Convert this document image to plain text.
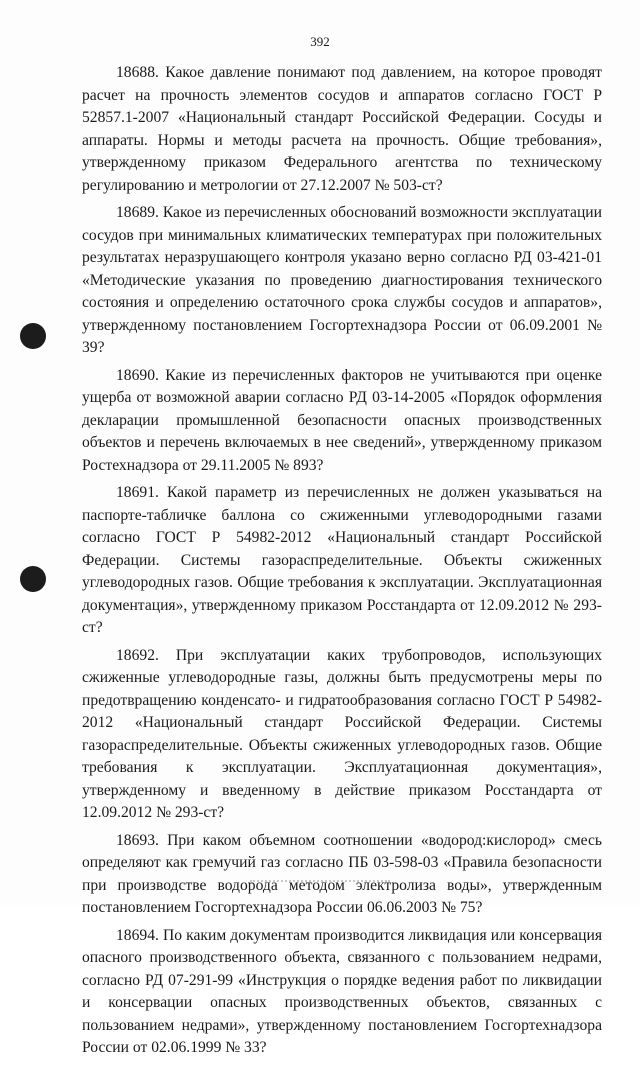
392

18688. Какое давление понимают под давлением, на которое проводят расчет на прочность элементов сосудов и аппаратов согласно ГОСТ Р 52857.1-2007 «Национальный стандарт Российской Федерации. Сосуды и аппараты. Нормы и методы расчета на прочность. Общие требования», утвержденному приказом Федерального агентства по техническому регулированию и метрологии от 27.12.2007 № 503-ст?

18689. Какое из перечисленных обоснований возможности эксплуатации сосудов при минимальных климатических температурах при положительных результатах неразрушающего контроля указано верно согласно РД 03-421-01 «Методические указания по проведению диагностирования технического состояния и определению остаточного срока службы сосудов и аппаратов», утвержденному постановлением Госгортехнадзора России от 06.09.2001 № 39?

18690. Какие из перечисленных факторов не учитываются при оценке ущерба от возможной аварии согласно РД 03-14-2005 «Порядок оформления декларации промышленной безопасности опасных производственных объектов и перечень включаемых в нее сведений», утвержденному приказом Ростехнадзора от 29.11.2005 № 893?

18691. Какой параметр из перечисленных не должен указываться на паспорте-табличке баллона со сжиженными углеводородными газами согласно ГОСТ Р 54982-2012 «Национальный стандарт Российской Федерации. Системы газораспределительные. Объекты сжиженных углеводородных газов. Общие требования к эксплуатации. Эксплуатационная документация», утвержденному приказом Росстандарта от 12.09.2012 № 293-ст?

18692. При эксплуатации каких трубопроводов, использующих сжиженные углеводородные газы, должны быть предусмотрены меры по предотвращению конденсато- и гидратообразования согласно ГОСТ Р 54982-2012 «Национальный стандарт Российской Федерации. Системы газораспределительные. Объекты сжиженных углеводородных газов. Общие требования к эксплуатации. Эксплуатационная документация», утвержденному и введенному в действие приказом Росстандарта от 12.09.2012 № 293-ст?

18693. При каком объемном соотношении «водород:кислород» смесь определяют как гремучий газ согласно ПБ 03-598-03 «Правила безопасности при производстве водорода методом электролиза воды», утвержденным постановлением Госгортехнадзора России 06.06.2003 № 75?

18694. По каким документам производится ликвидация или консервация опасного производственного объекта, связанного с пользованием недрами, согласно РД 07-291-99 «Инструкция о порядке ведения работ по ликвидации и консервации опасных производственных объектов, связанных с пользованием недрами», утвержденному постановлением Госгортехнадзора России от 02.06.1999 № 33?
